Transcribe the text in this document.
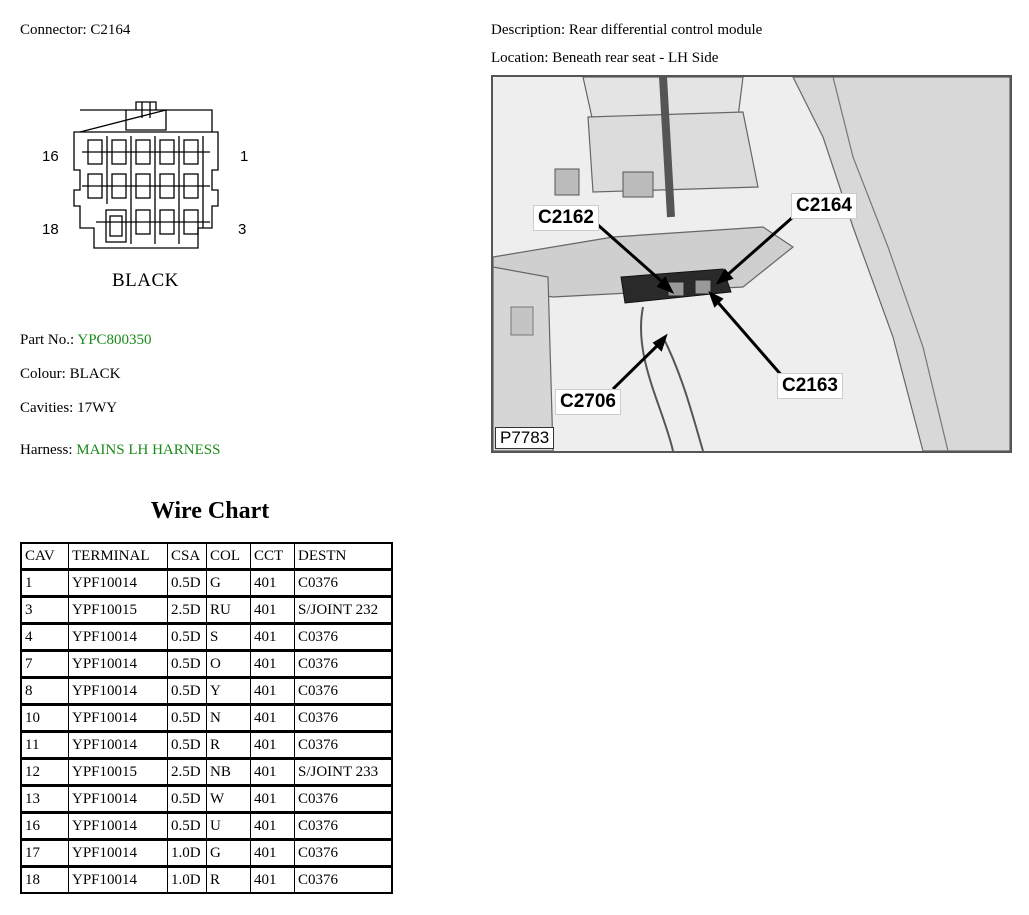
Connector: C2164	Description: Rear differential control module
Location: Beneath rear seat - LH Side
16	1
18	3
BLACK
Part No.: YPC800350
Colour: BLACK
Cavities: 17WY
Harness: MAINS LH HARNESS
C2162
C2164
C2706
C2163
P7783
Wire Chart
CAV	TERMINAL	CSA	COL	CCT	DESTN
1	YPF10014	0.5D	G	401	C0376
3	YPF10015	2.5D	RU	401	S/JOINT 232
4	YPF10014	0.5D	S	401	C0376
7	YPF10014	0.5D	O	401	C0376
8	YPF10014	0.5D	Y	401	C0376
10	YPF10014	0.5D	N	401	C0376
11	YPF10014	0.5D	R	401	C0376
12	YPF10015	2.5D	NB	401	S/JOINT 233
13	YPF10014	0.5D	W	401	C0376
16	YPF10014	0.5D	U	401	C0376
17	YPF10014	1.0D	G	401	C0376
18	YPF10014	1.0D	R	401	C0376
